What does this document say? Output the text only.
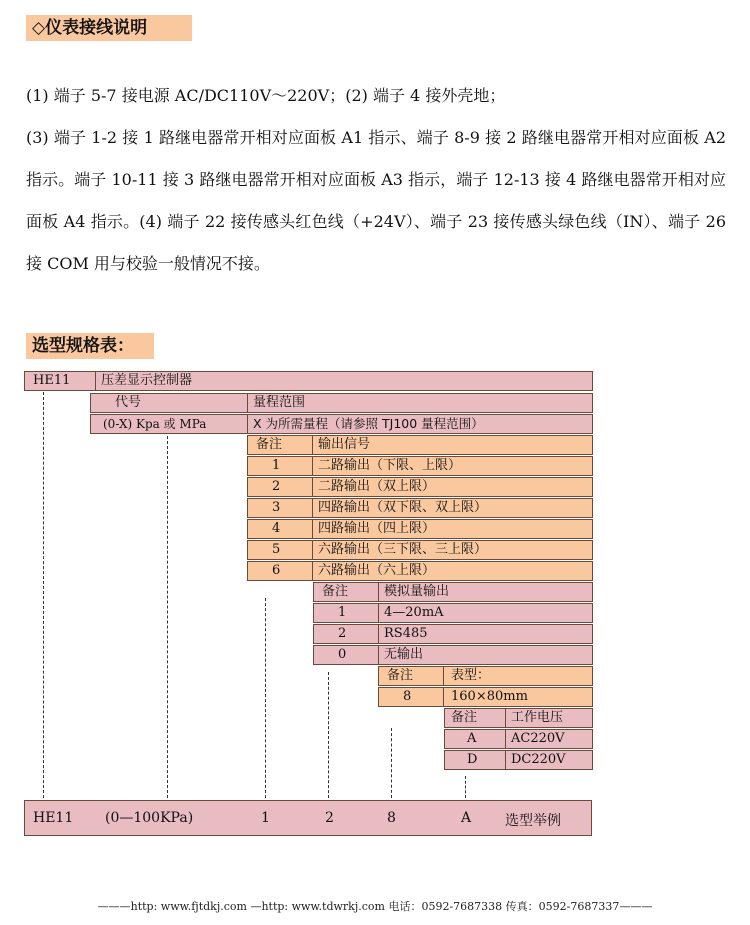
◇仪表接线说明

(1) 端子 5-7 接电源 AC/DC110V～220V；(2) 端子 4 接外壳地；

(3) 端子 1-2 接 1 路继电器常开相对应面板 A1 指示、端子 8-9 接 2 路继电器常开相对应面板 A2 指示。端子 10-11 接 3 路继电器常开相对应面板 A3 指示，端子 12-13 接 4 路继电器常开相对应面板 A4 指示。(4) 端子 22 接传感头红色线（+24V）、端子 23 接传感头绿色线（IN）、端子 26 接 COM 用与校验一般情况不接。

选型规格表：
HE11 压差显示控制器
代号	量程范围
(0-X) Kpa 或 MPa	X 为所需量程（请参照 TJ100 量程范围）
备注	输出信号
1	二路输出（下限、上限）
2	二路输出（双上限）
3	四路输出（双下限、双上限）
4	四路输出（四上限）
5	六路输出（三下限、三上限）
6	六路输出（六上限）
备注	模拟量输出
1	4—20mA
2	RS485
0	无输出
备注	表型：
8	160×80mm
备注	工作电压
A	AC220V
D	DC220V
HE11 (0—100KPa)	1	2	8	A 选型举例
———http: www.fjtdkj.com —http: www.tdwrkj.com 电话：0592-7687338 传真：0592-7687337———
